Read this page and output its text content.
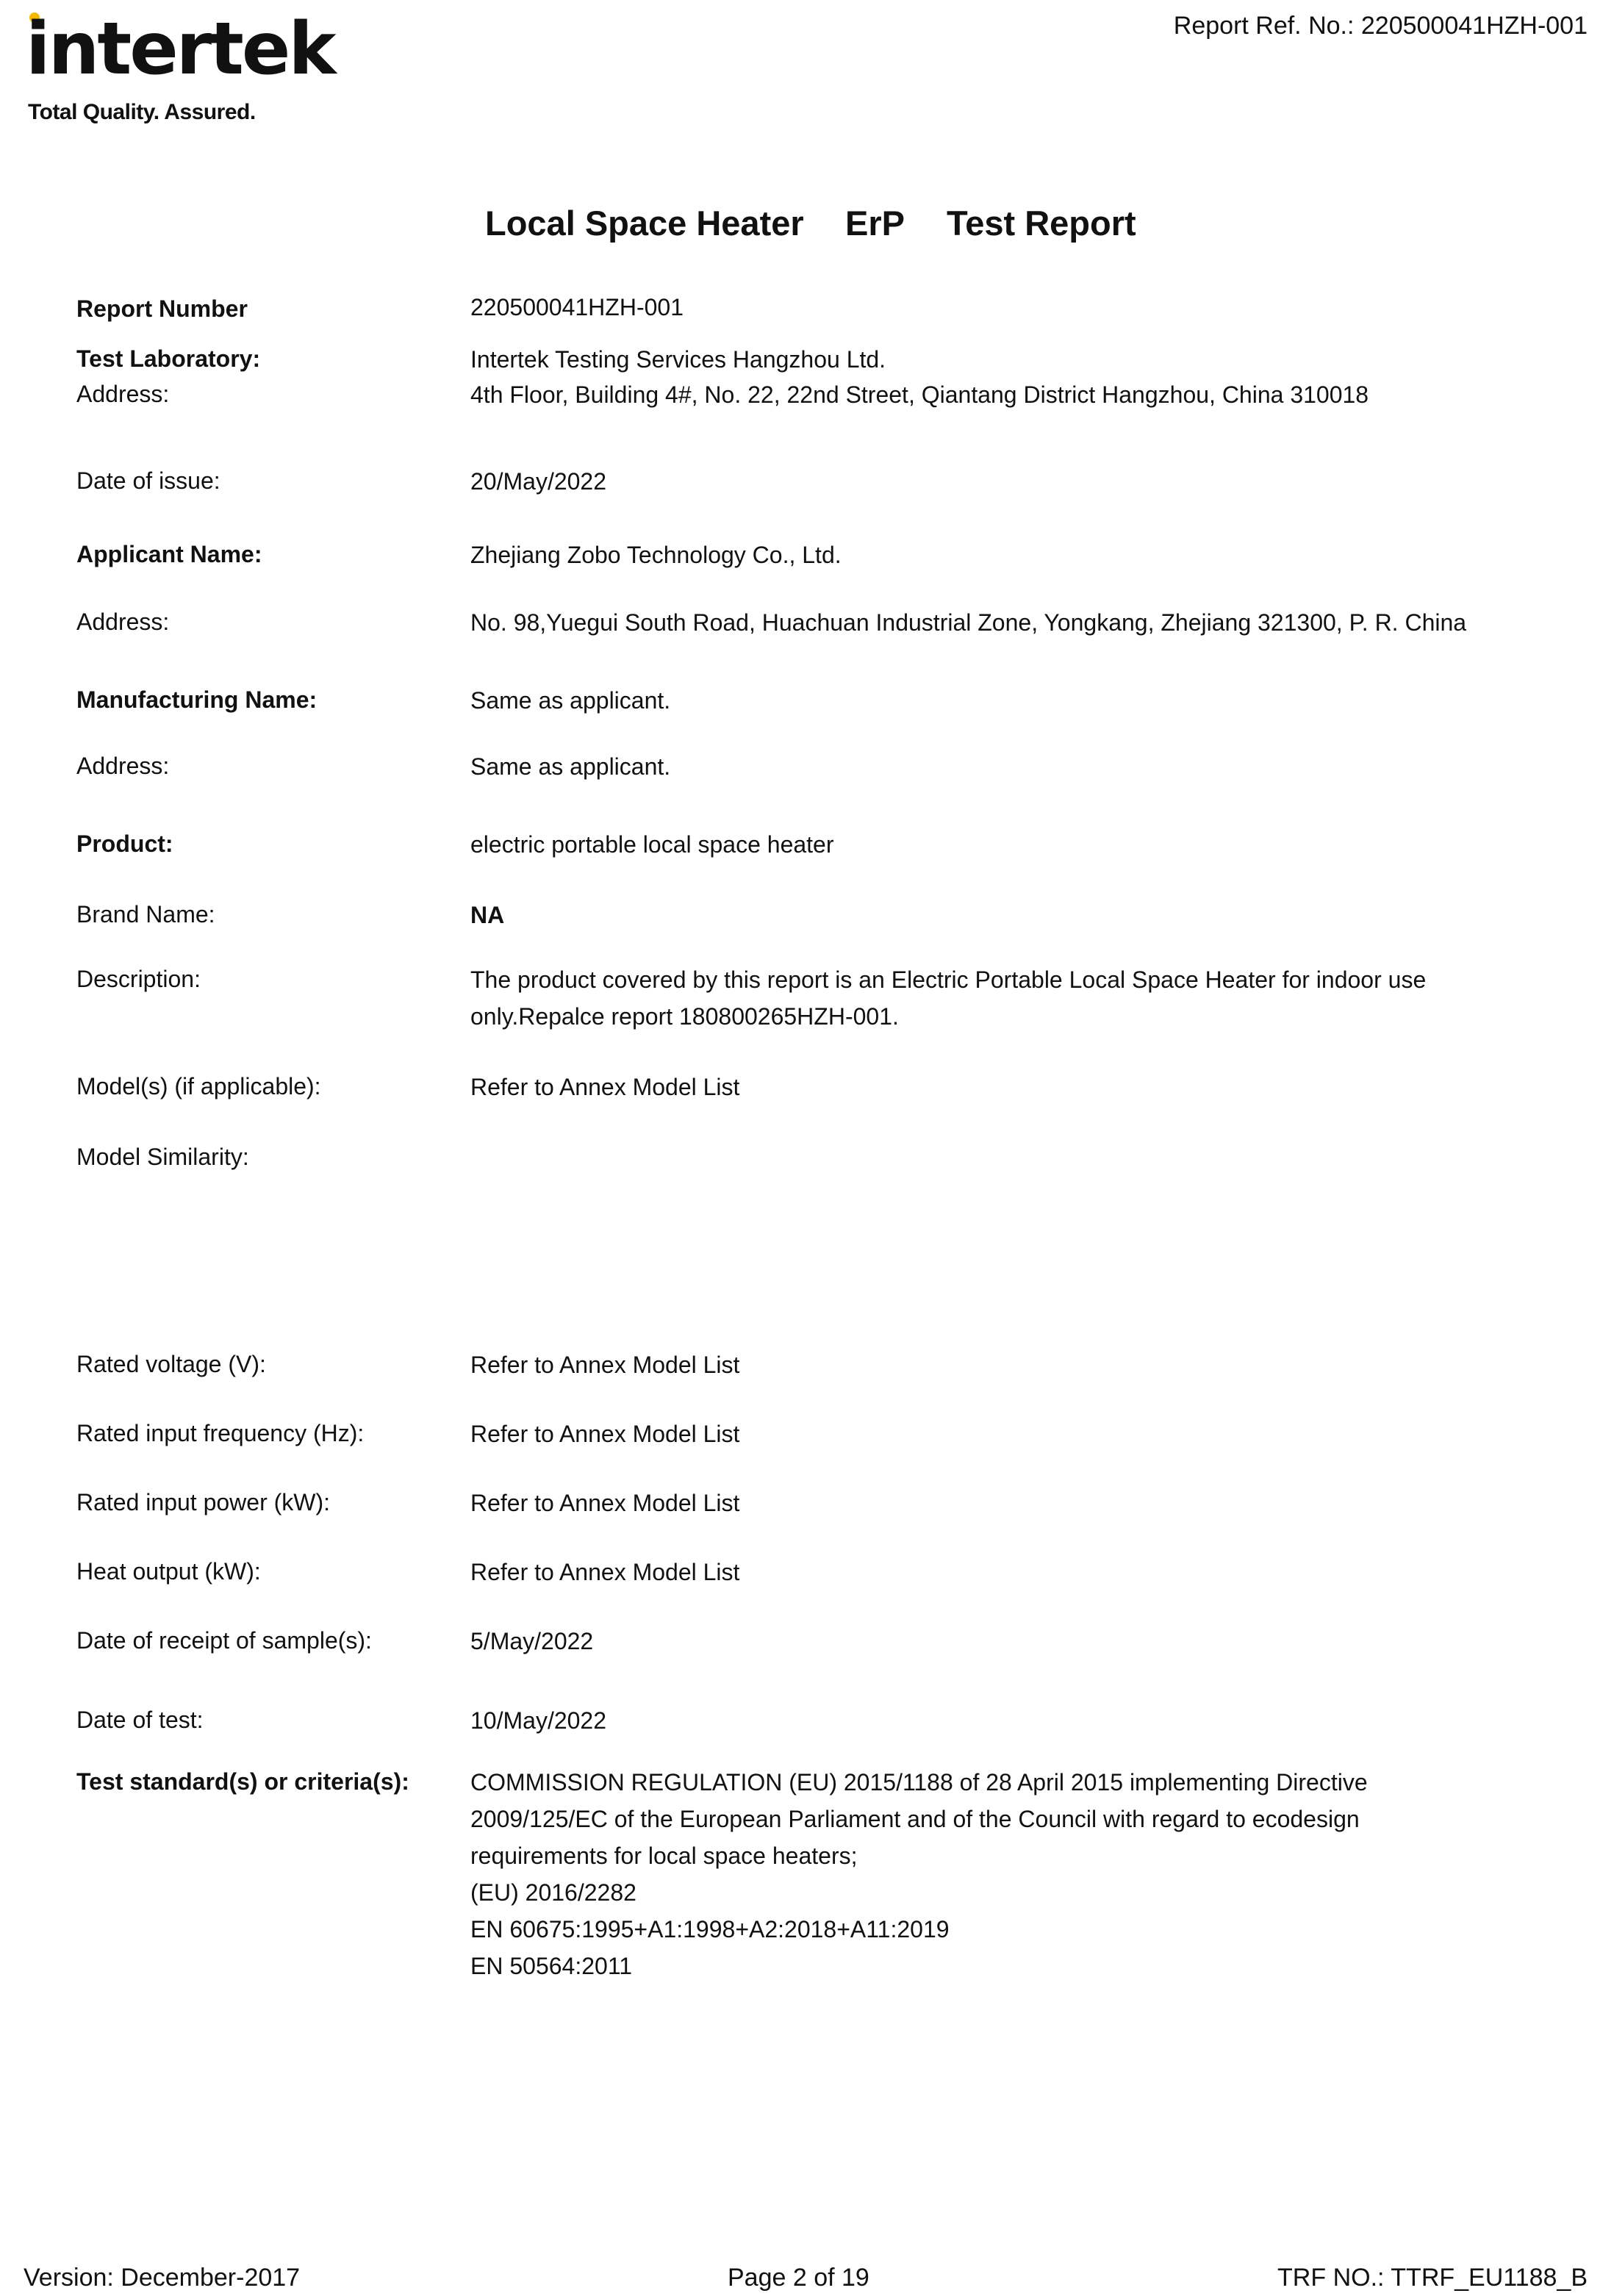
intertek
Total Quality. Assured.
Report Ref. No.: 220500041HZH-001
Local Space Heater ErP Test Report
Report Number	220500041HZH-001
Test Laboratory:	Intertek Testing Services Hangzhou Ltd.
Address:	4th Floor, Building 4#, No. 22, 22nd Street, Qiantang District Hangzhou, China 310018
Date of issue:	20/May/2022
Applicant Name:	Zhejiang Zobo Technology Co., Ltd.
Address:	No. 98,Yuegui South Road, Huachuan Industrial Zone, Yongkang, Zhejiang 321300, P. R. China
Manufacturing Name:	Same as applicant.
Address:	Same as applicant.
Product:	electric portable local space heater
Brand Name:	NA
Description:	The product covered by this report is an Electric Portable Local Space Heater for indoor use only.Repalce report 180800265HZH-001.
Model(s) (if applicable):	Refer to Annex Model List
Model Similarity:
Rated voltage (V):	Refer to Annex Model List
Rated input frequency (Hz):	Refer to Annex Model List
Rated input power (kW):	Refer to Annex Model List
Heat output (kW):	Refer to Annex Model List
Date of receipt of sample(s):	5/May/2022
Date of test:	10/May/2022
Test standard(s) or criteria(s):	COMMISSION REGULATION (EU) 2015/1188 of 28 April 2015 implementing Directive
2009/125/EC of the European Parliament and of the Council with regard to ecodesign
requirements for local space heaters;
(EU) 2016/2282
EN 60675:1995+A1:1998+A2:2018+A11:2019
EN 50564:2011
Version: December-2017	Page 2 of 19	TRF NO.: TTRF_EU1188_B
